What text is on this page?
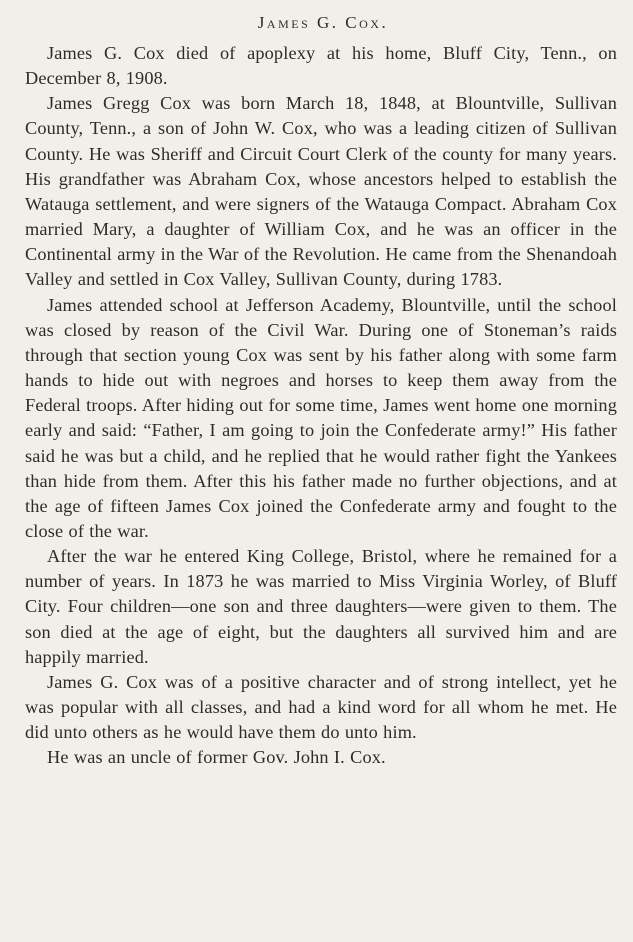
James G. Cox.

James G. Cox died of apoplexy at his home, Bluff City, Tenn., on December 8, 1908.

James Gregg Cox was born March 18, 1848, at Blountville, Sullivan County, Tenn., a son of John W. Cox, who was a leading citizen of Sullivan County. He was Sheriff and Circuit Court Clerk of the county for many years. His grandfather was Abraham Cox, whose ancestors helped to establish the Watauga settlement, and were signers of the Watauga Compact. Abraham Cox married Mary, a daughter of William Cox, and he was an officer in the Continental army in the War of the Revolution. He came from the Shenandoah Valley and settled in Cox Valley, Sullivan County, during 1783.

James attended school at Jefferson Academy, Blountville, until the school was closed by reason of the Civil War. During one of Stoneman’s raids through that section young Cox was sent by his father along with some farm hands to hide out with negroes and horses to keep them away from the Federal troops. After hiding out for some time, James went home one morning early and said: “Father, I am going to join the Confederate army!” His father said he was but a child, and he replied that he would rather fight the Yankees than hide from them. After this his father made no further objections, and at the age of fifteen James Cox joined the Confederate army and fought to the close of the war.

After the war he entered King College, Bristol, where he remained for a number of years. In 1873 he was married to Miss Virginia Worley, of Bluff City. Four children—one son and three daughters—were given to them. The son died at the age of eight, but the daughters all survived him and are happily married.

James G. Cox was of a positive character and of strong intellect, yet he was popular with all classes, and had a kind word for all whom he met. He did unto others as he would have them do unto him.

He was an uncle of former Gov. John I. Cox.
